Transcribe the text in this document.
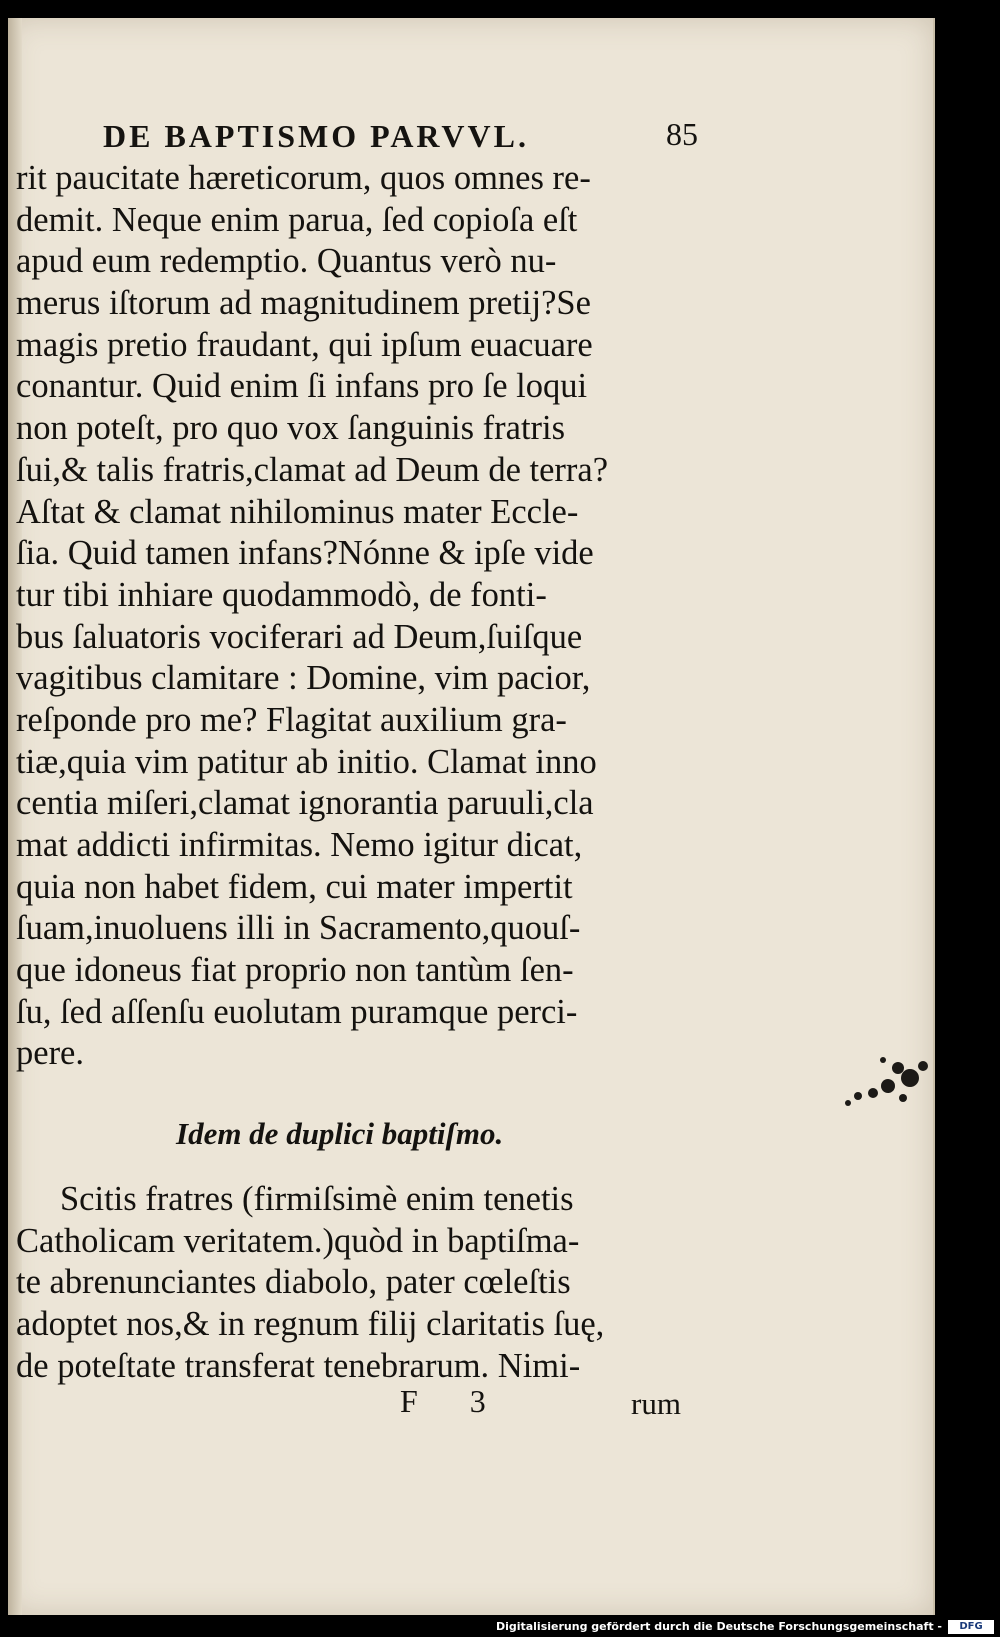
DE BAPTISMO PARVVL.	85
rit paucitate hæreticorum, quos omnes re-
demit. Neque enim parua, ſed copioſa eſt
apud eum redemptio. Quantus verò nu-
merus iſtorum ad magnitudinem pretij?Se
magis pretio fraudant, qui ipſum euacuare
conantur. Quid enim ſi infans pro ſe loqui
non poteſt, pro quo vox ſanguinis fratris
ſui,& talis fratris,clamat ad Deum de terra?
Aſtat & clamat nihilominus mater Eccle-
ſia. Quid tamen infans?Nónne & ipſe vide
tur tibi inhiare quodammodò, de fonti-
bus ſaluatoris vociferari ad Deum,ſuiſque
vagitibus clamitare : Domine, vim pacior,
reſponde pro me? Flagitat auxilium gra-
tiæ,quia vim patitur ab initio. Clamat inno
centia miſeri,clamat ignorantia paruuli,cla
mat addicti infirmitas. Nemo igitur dicat,
quia non habet fidem, cui mater impertit
ſuam,inuoluens illi in Sacramento,quouſ-
que idoneus fiat proprio non tantùm ſen-
ſu, ſed aſſenſu euolutam puramque perci-
pere.
Idem de duplici baptiſmo.
Scitis fratres (firmiſsimè enim tenetis
Catholicam veritatem.)quòd in baptiſma-
te abrenunciantes diabolo, pater cœleſtis
adoptet nos,& in regnum filij claritatis ſuę,
de poteſtate transferat tenebrarum. Nimi-
F 3	rum
Digitalisierung gefördert durch die Deutsche Forschungsgemeinschaft -	DFG
